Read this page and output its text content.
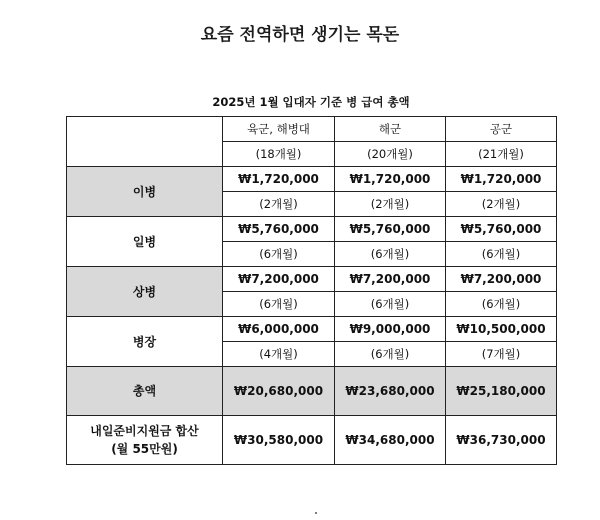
요즘 전역하면 생기는 목돈
2025년 1월 입대자 기준 병 급여 총액
	육군, 해병대	해군	공군
	(18개월)	(20개월)	(21개월)
이병	₩1,720,000	₩1,720,000	₩1,720,000
	(2개월)	(2개월)	(2개월)
일병	₩5,760,000	₩5,760,000	₩5,760,000
	(6개월)	(6개월)	(6개월)
상병	₩7,200,000	₩7,200,000	₩7,200,000
	(6개월)	(6개월)	(6개월)
병장	₩6,000,000	₩9,000,000	₩10,500,000
	(4개월)	(6개월)	(7개월)
총액	₩20,680,000	₩23,680,000	₩25,180,000

내일준비지원금 합산
(월 55만원)	₩30,580,000	₩34,680,000	₩36,730,000
